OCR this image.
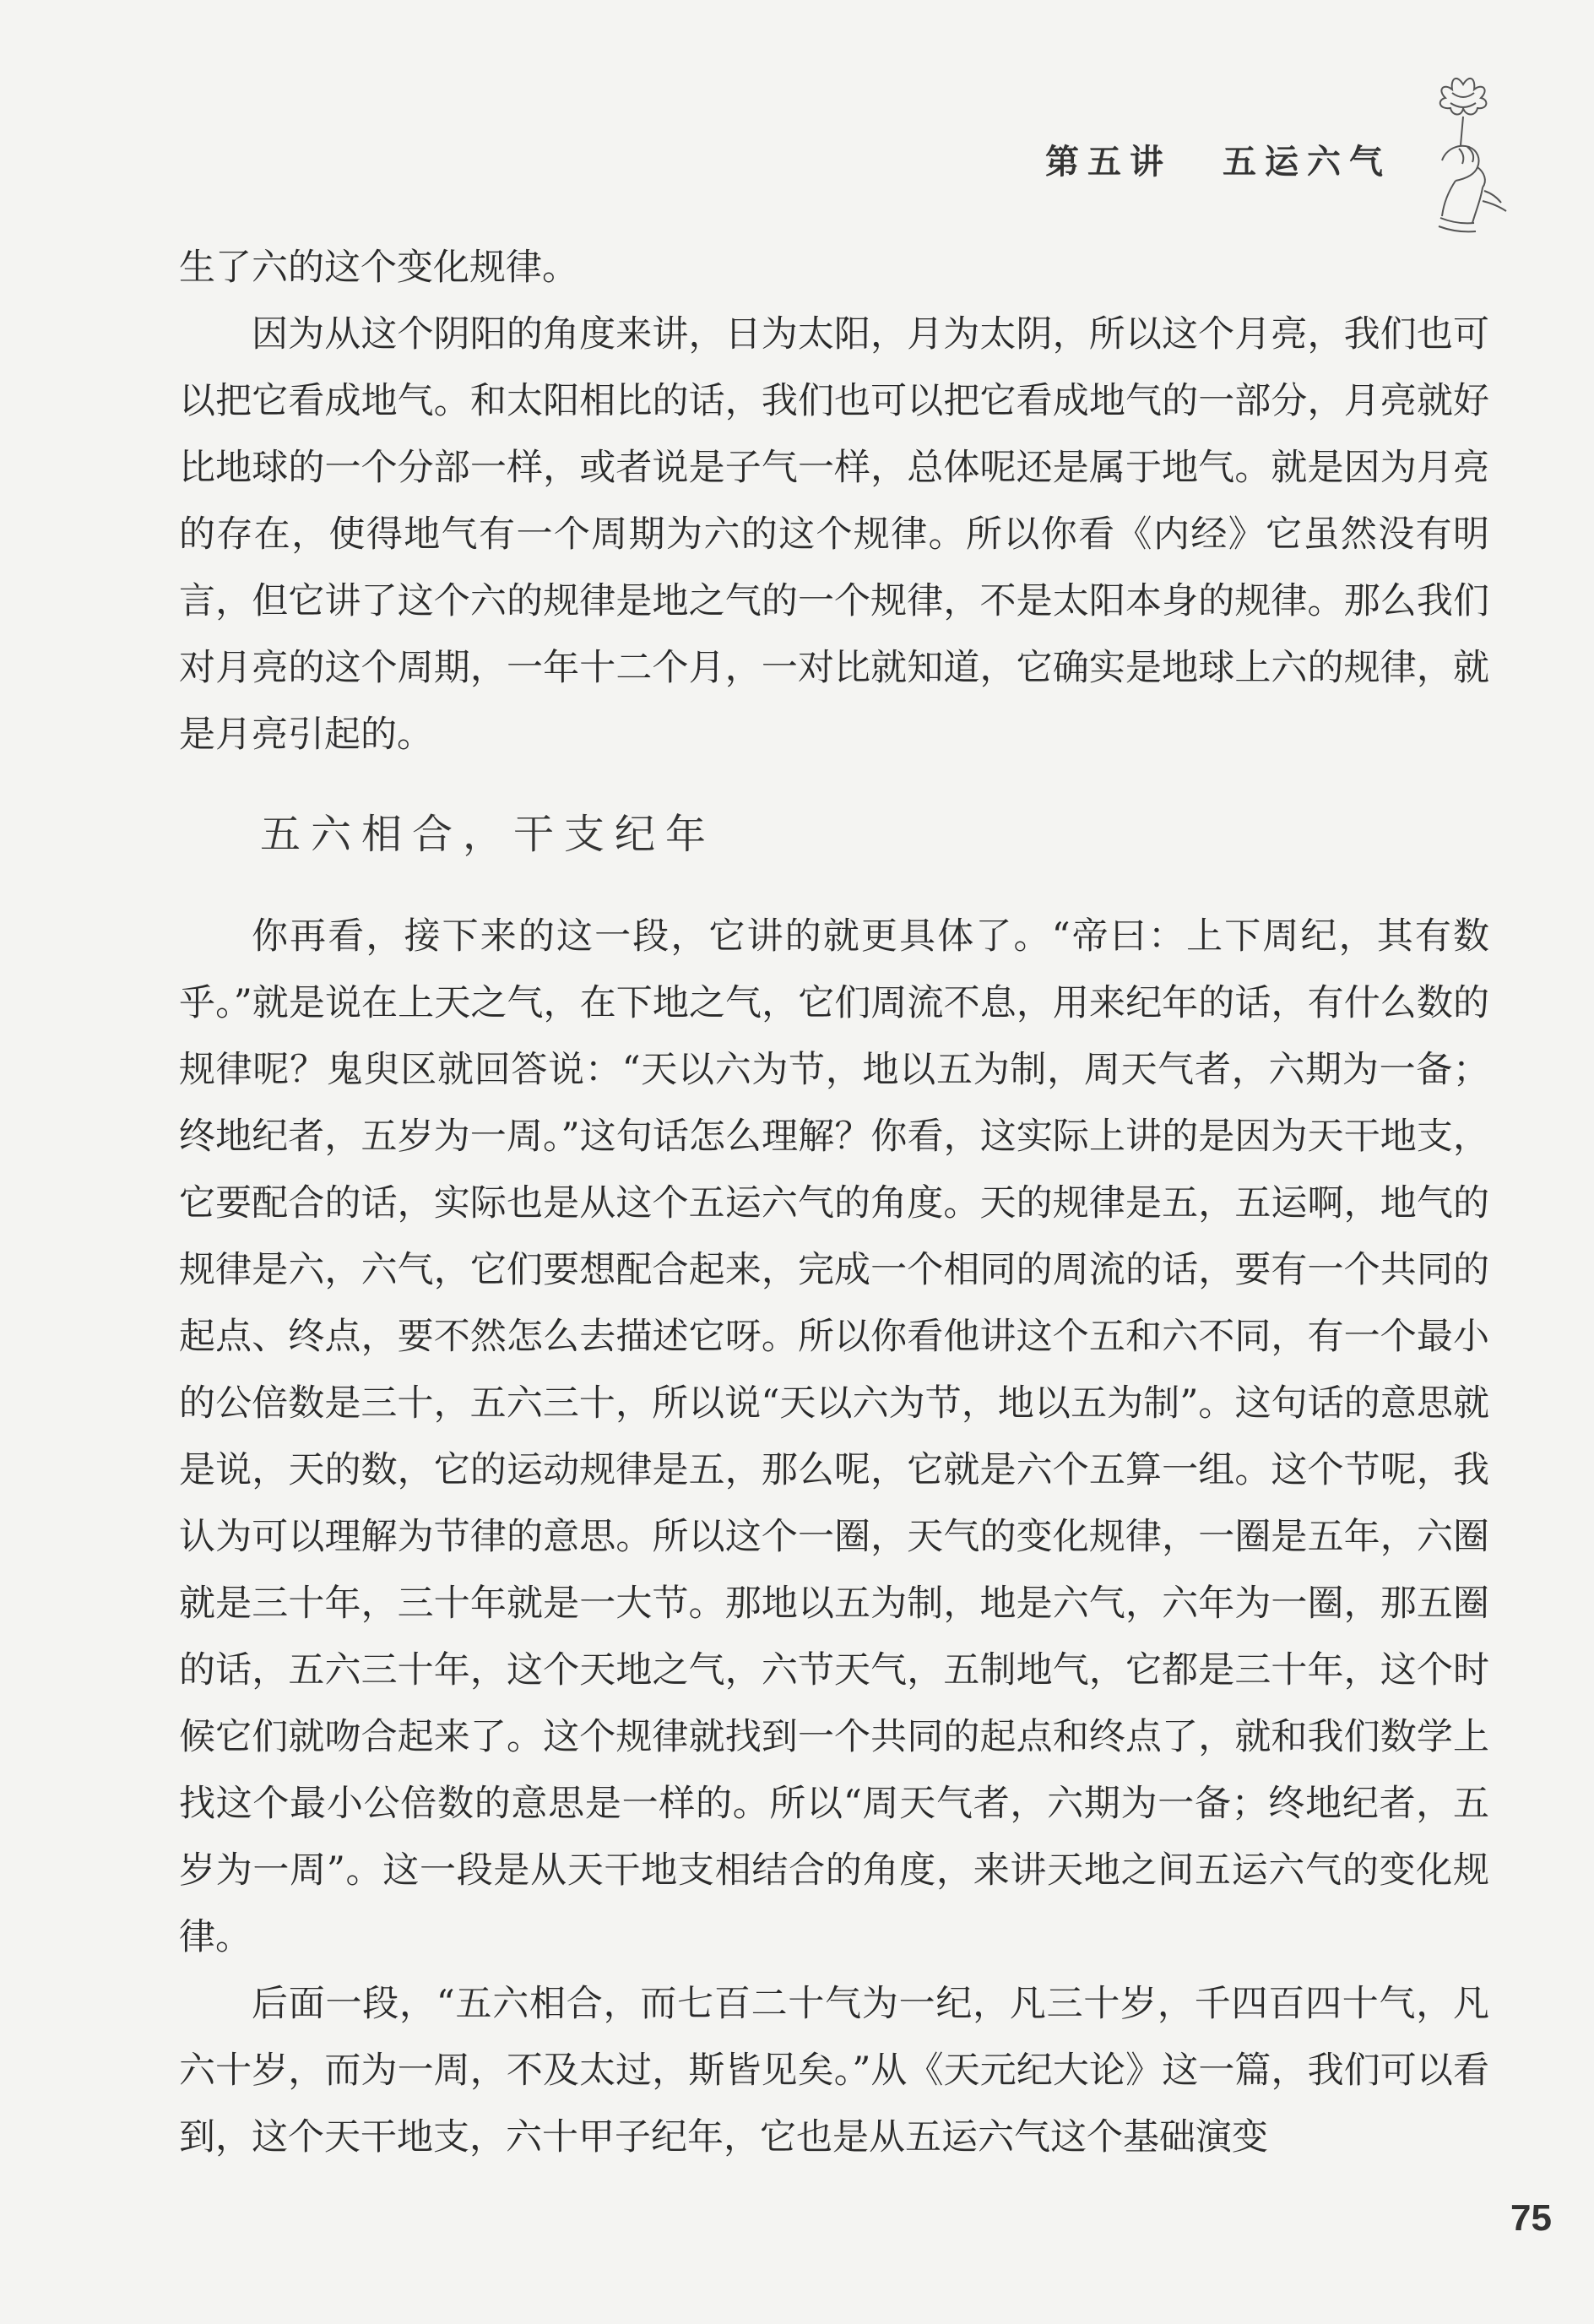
第五讲 五运六气

生了六的这个变化规律。

因为从这个阴阳的角度来讲，日为太阳，月为太阴，所以这个月亮，我们也可以把它看成地气。和太阳相比的话，我们也可以把它看成地气的一部分，月亮就好比地球的一个分部一样，或者说是子气一样，总体呢还是属于地气。就是因为月亮的存在，使得地气有一个周期为六的这个规律。所以你看《内经》它虽然没有明言，但它讲了这个六的规律是地之气的一个规律，不是太阳本身的规律。那么我们对月亮的这个周期，一年十二个月，一对比就知道，它确实是地球上六的规律，就是月亮引起的。

五六相合，干支纪年

你再看，接下来的这一段，它讲的就更具体了。“帝曰：上下周纪，其有数乎。”就是说在上天之气，在下地之气，它们周流不息，用来纪年的话，有什么数的规律呢？鬼臾区就回答说：“天以六为节，地以五为制，周天气者，六期为一备；终地纪者，五岁为一周。”这句话怎么理解？你看，这实际上讲的是因为天干地支，它要配合的话，实际也是从这个五运六气的角度。天的规律是五，五运啊，地气的规律是六，六气，它们要想配合起来，完成一个相同的周流的话，要有一个共同的起点、终点，要不然怎么去描述它呀。所以你看他讲这个五和六不同，有一个最小的公倍数是三十，五六三十，所以说“天以六为节，地以五为制”。这句话的意思就是说，天的数，它的运动规律是五，那么呢，它就是六个五算一组。这个节呢，我认为可以理解为节律的意思。所以这个一圈，天气的变化规律，一圈是五年，六圈就是三十年，三十年就是一大节。那地以五为制，地是六气，六年为一圈，那五圈的话，五六三十年，这个天地之气，六节天气，五制地气，它都是三十年，这个时候它们就吻合起来了。这个规律就找到一个共同的起点和终点了，就和我们数学上找这个最小公倍数的意思是一样的。所以“周天气者，六期为一备；终地纪者，五岁为一周”。这一段是从天干地支相结合的角度，来讲天地之间五运六气的变化规律。

后面一段，“五六相合，而七百二十气为一纪，凡三十岁，千四百四十气，凡六十岁，而为一周，不及太过，斯皆见矣。”从《天元纪大论》这一篇，我们可以看到，这个天干地支，六十甲子纪年，它也是从五运六气这个基础演变

75
